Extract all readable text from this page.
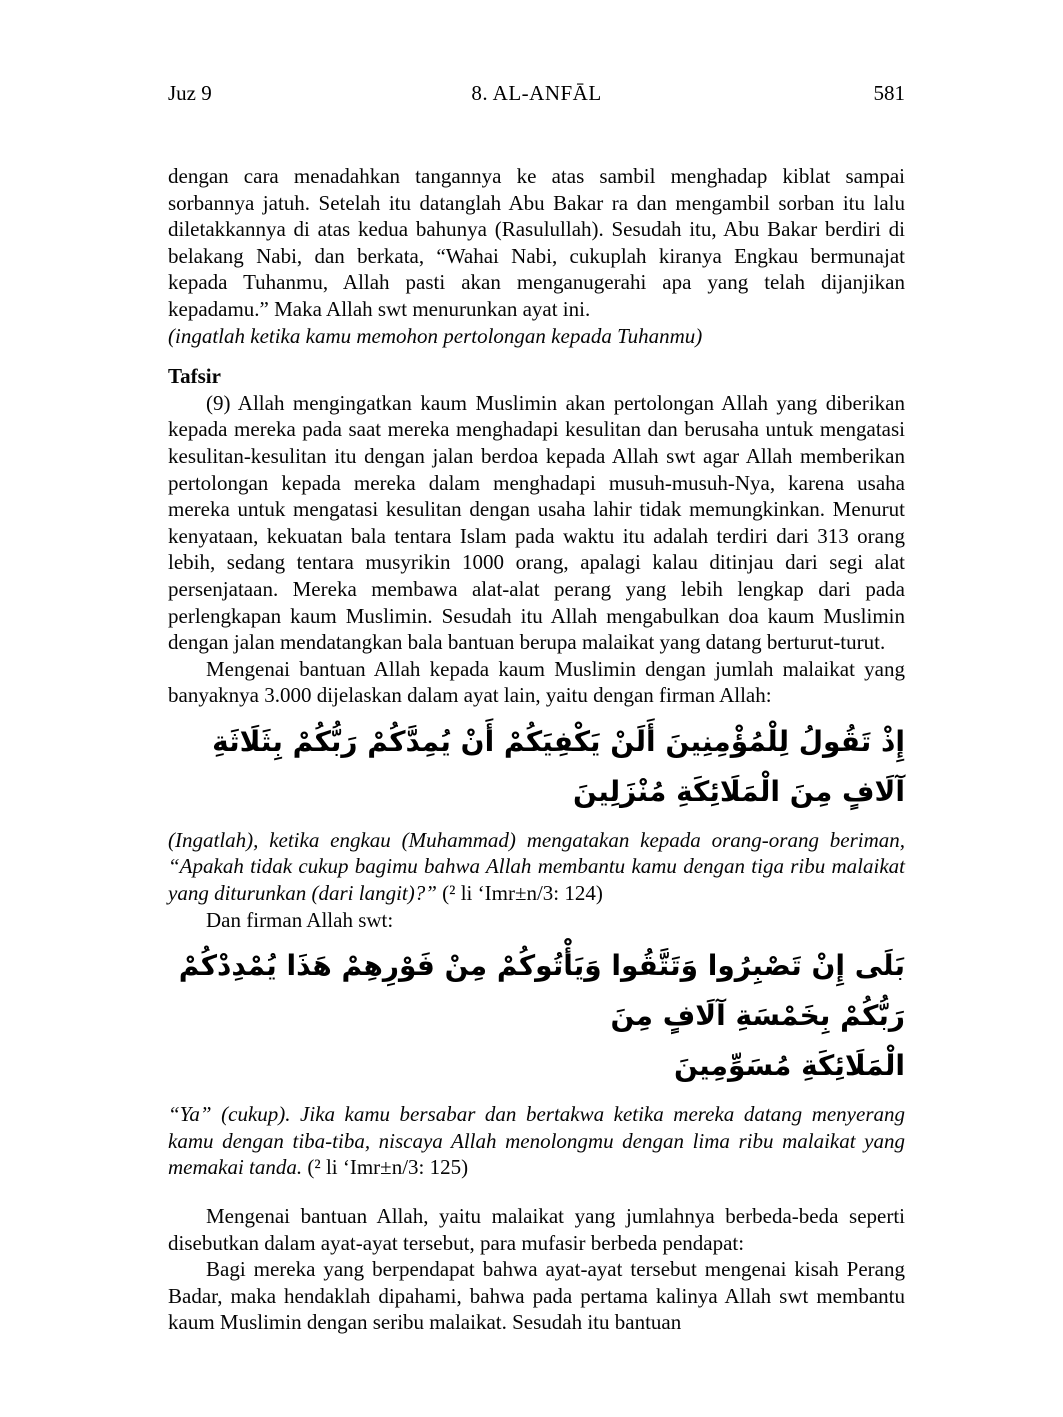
Juz 9	8. AL-ANFĀL	581

dengan cara menadahkan tangannya ke atas sambil menghadap kiblat sampai sorbannya jatuh. Setelah itu datanglah Abu Bakar ra dan mengambil sorban itu lalu diletakkannya di atas kedua bahunya (Rasulullah). Sesudah itu, Abu Bakar berdiri di belakang Nabi, dan berkata, “Wahai Nabi, cukuplah kiranya Engkau bermunajat kepada Tuhanmu, Allah pasti akan menganugerahi apa yang telah dijanjikan kepadamu.” Maka Allah swt menurunkan ayat ini.

(ingatlah ketika kamu memohon pertolongan kepada Tuhanmu)

Tafsir

(9) Allah mengingatkan kaum Muslimin akan pertolongan Allah yang diberikan kepada mereka pada saat mereka menghadapi kesulitan dan berusaha untuk mengatasi kesulitan-kesulitan itu dengan jalan berdoa kepada Allah swt agar Allah memberikan pertolongan kepada mereka dalam menghadapi musuh-musuh-Nya, karena usaha mereka untuk mengatasi kesulitan dengan usaha lahir tidak memungkinkan. Menurut kenyataan, kekuatan bala tentara Islam pada waktu itu adalah terdiri dari 313 orang lebih, sedang tentara musyrikin 1000 orang, apalagi kalau ditinjau dari segi alat persenjataan. Mereka membawa alat-alat perang yang lebih lengkap dari pada perlengkapan kaum Muslimin. Sesudah itu Allah mengabulkan doa kaum Muslimin dengan jalan mendatangkan bala bantuan berupa malaikat yang datang berturut-turut.

Mengenai bantuan Allah kepada kaum Muslimin dengan jumlah malaikat yang banyaknya 3.000 dijelaskan dalam ayat lain, yaitu dengan firman Allah:

إِذْ تَقُولُ لِلْمُؤْمِنِينَ أَلَنْ يَكْفِيَكُمْ أَنْ يُمِدَّكُمْ رَبُّكُمْ بِثَلَاثَةِ آلَافٍ مِنَ الْمَلَائِكَةِ مُنْزَلِينَ

(Ingatlah), ketika engkau (Muhammad) mengatakan kepada orang-orang beriman, “Apakah tidak cukup bagimu bahwa Allah membantu kamu dengan tiga ribu malaikat yang diturunkan (dari langit)?” (² li ‘Imr±n/3: 124)

Dan firman Allah swt:

بَلَى إِنْ تَصْبِرُوا وَتَتَّقُوا وَيَأْتُوكُمْ مِنْ فَوْرِهِمْ هَذَا يُمْدِدْكُمْ رَبُّكُمْ بِخَمْسَةِ آلَافٍ مِنَ
الْمَلَائِكَةِ مُسَوِّمِينَ

“Ya” (cukup). Jika kamu bersabar dan bertakwa ketika mereka datang menyerang kamu dengan tiba-tiba, niscaya Allah menolongmu dengan lima ribu malaikat yang memakai tanda. (² li ‘Imr±n/3: 125)

Mengenai bantuan Allah, yaitu malaikat yang jumlahnya berbeda-beda seperti disebutkan dalam ayat-ayat tersebut, para mufasir berbeda pendapat:

Bagi mereka yang berpendapat bahwa ayat-ayat tersebut mengenai kisah Perang Badar, maka hendaklah dipahami, bahwa pada pertama kalinya Allah swt membantu kaum Muslimin dengan seribu malaikat. Sesudah itu bantuan
